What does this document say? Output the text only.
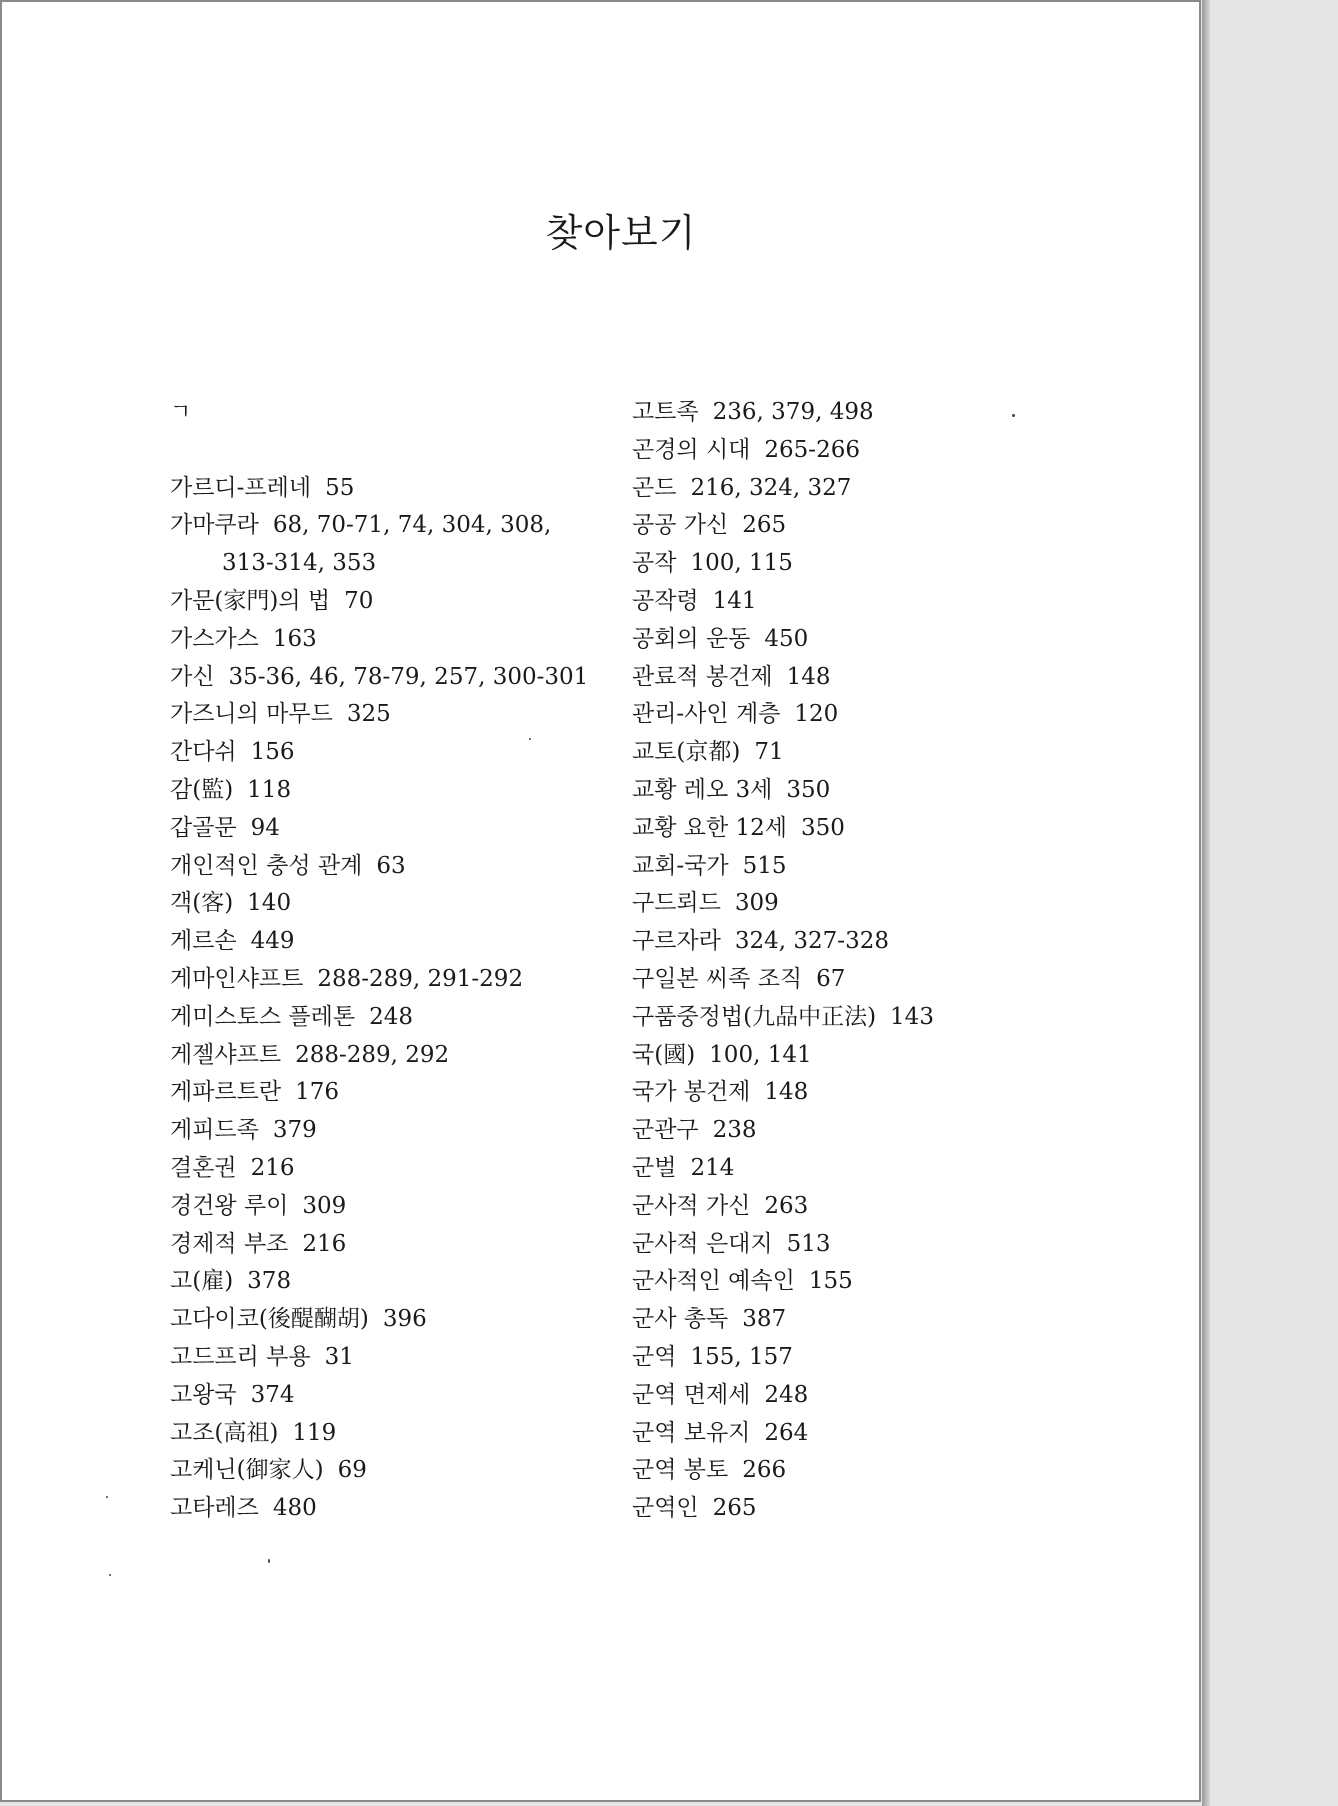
찾아보기
ㄱ
가르디-프레네 55
가마쿠라 68, 70-71, 74, 304, 308, 313-314, 353
가문(家門)의 법 70
가스가스 163
가신 35-36, 46, 78-79, 257, 300-301
가즈니의 마무드 325
간다쉬 156
감(監) 118
갑골문 94
개인적인 충성 관계 63
객(客) 140
게르손 449
게마인샤프트 288-289, 291-292
게미스토스 플레톤 248
게젤샤프트 288-289, 292
게파르트란 176
게피드족 379
결혼권 216
경건왕 루이 309
경제적 부조 216
고(雇) 378
고다이코(後醍醐胡) 396
고드프리 부용 31
고왕국 374
고조(高祖) 119
고케닌(御家人) 69
고타레즈 480
고트족 236, 379, 498
곤경의 시대 265-266
곤드 216, 324, 327
공공 가신 265
공작 100, 115
공작령 141
공회의 운동 450
관료적 봉건제 148
관리-사인 계층 120
교토(京都) 71
교황 레오 3세 350
교황 요한 12세 350
교회-국가 515
구드뢰드 309
구르자라 324, 327-328
구일본 씨족 조직 67
구품중정법(九品中正法) 143
국(國) 100, 141
국가 봉건제 148
군관구 238
군벌 214
군사적 가신 263
군사적 은대지 513
군사적인 예속인 155
군사 총독 387
군역 155, 157
군역 면제세 248
군역 보유지 264
군역 봉토 266
군역인 265
